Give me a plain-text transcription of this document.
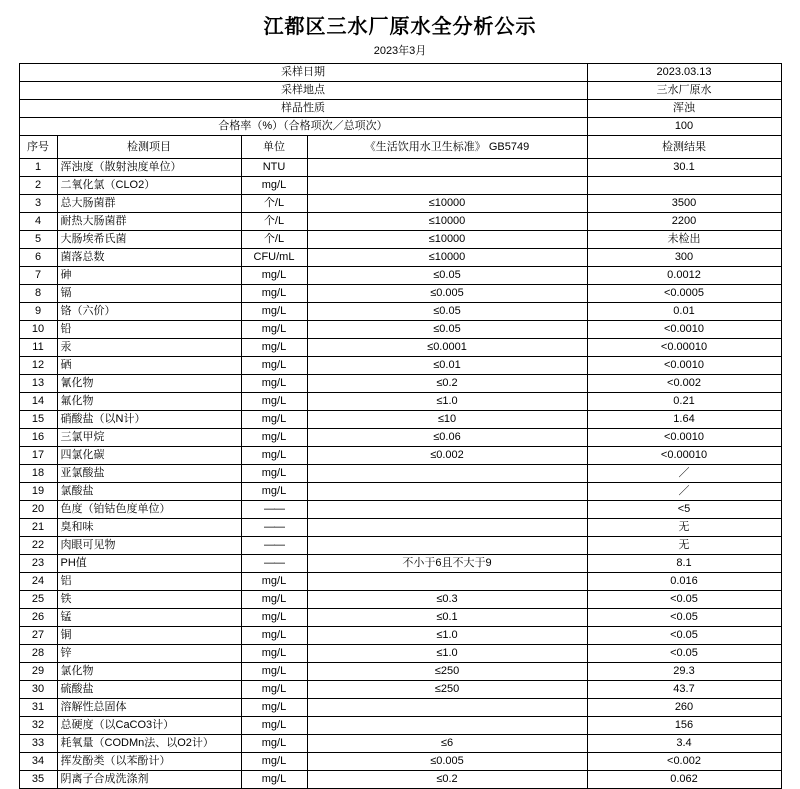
江都区三水厂原水全分析公示
2023年3月
采样日期				2023.03.13
采样地点				三水厂原水
样品性质				浑浊
合格率（%）（合格项次／总项次）				100
序号	检测项目	单位	《生活饮用水卫生标准》 GB5749	检测结果
1	浑浊度（散射浊度单位）	NTU		30.1
2	二氧化氯（CLO2）	mg/L		
3	总大肠菌群	个/L	≤10000	3500
4	耐热大肠菌群	个/L	≤10000	2200
5	大肠埃希氏菌	个/L	≤10000	未检出
6	菌落总数	CFU/mL	≤10000	300
7	砷	mg/L	≤0.05	0.0012
8	镉	mg/L	≤0.005	<0.0005
9	铬（六价）	mg/L	≤0.05	0.01
10	铅	mg/L	≤0.05	<0.0010
11	汞	mg/L	≤0.0001	<0.00010
12	硒	mg/L	≤0.01	<0.0010
13	氰化物	mg/L	≤0.2	<0.002
14	氟化物	mg/L	≤1.0	0.21
15	硝酸盐（以N计）	mg/L	≤10	1.64
16	三氯甲烷	mg/L	≤0.06	<0.0010
17	四氯化碳	mg/L	≤0.002	<0.00010
18	亚氯酸盐	mg/L		／
19	氯酸盐	mg/L		／
20	色度（铂钴色度单位）	——		<5
21	臭和味	——		无
22	肉眼可见物	——		无
23	PH值	——	不小于6且不大于9	8.1
24	铝	mg/L		0.016
25	铁	mg/L	≤0.3	<0.05
26	锰	mg/L	≤0.1	<0.05
27	铜	mg/L	≤1.0	<0.05
28	锌	mg/L	≤1.0	<0.05
29	氯化物	mg/L	≤250	29.3
30	硫酸盐	mg/L	≤250	43.7
31	溶解性总固体	mg/L		260
32	总硬度（以CaCO3计）	mg/L		156
33	耗氧量（CODMn法、以O2计）	mg/L	≤6	3.4
34	挥发酚类（以苯酚计）	mg/L	≤0.005	<0.002
35	阴离子合成洗涤剂	mg/L	≤0.2	0.062
